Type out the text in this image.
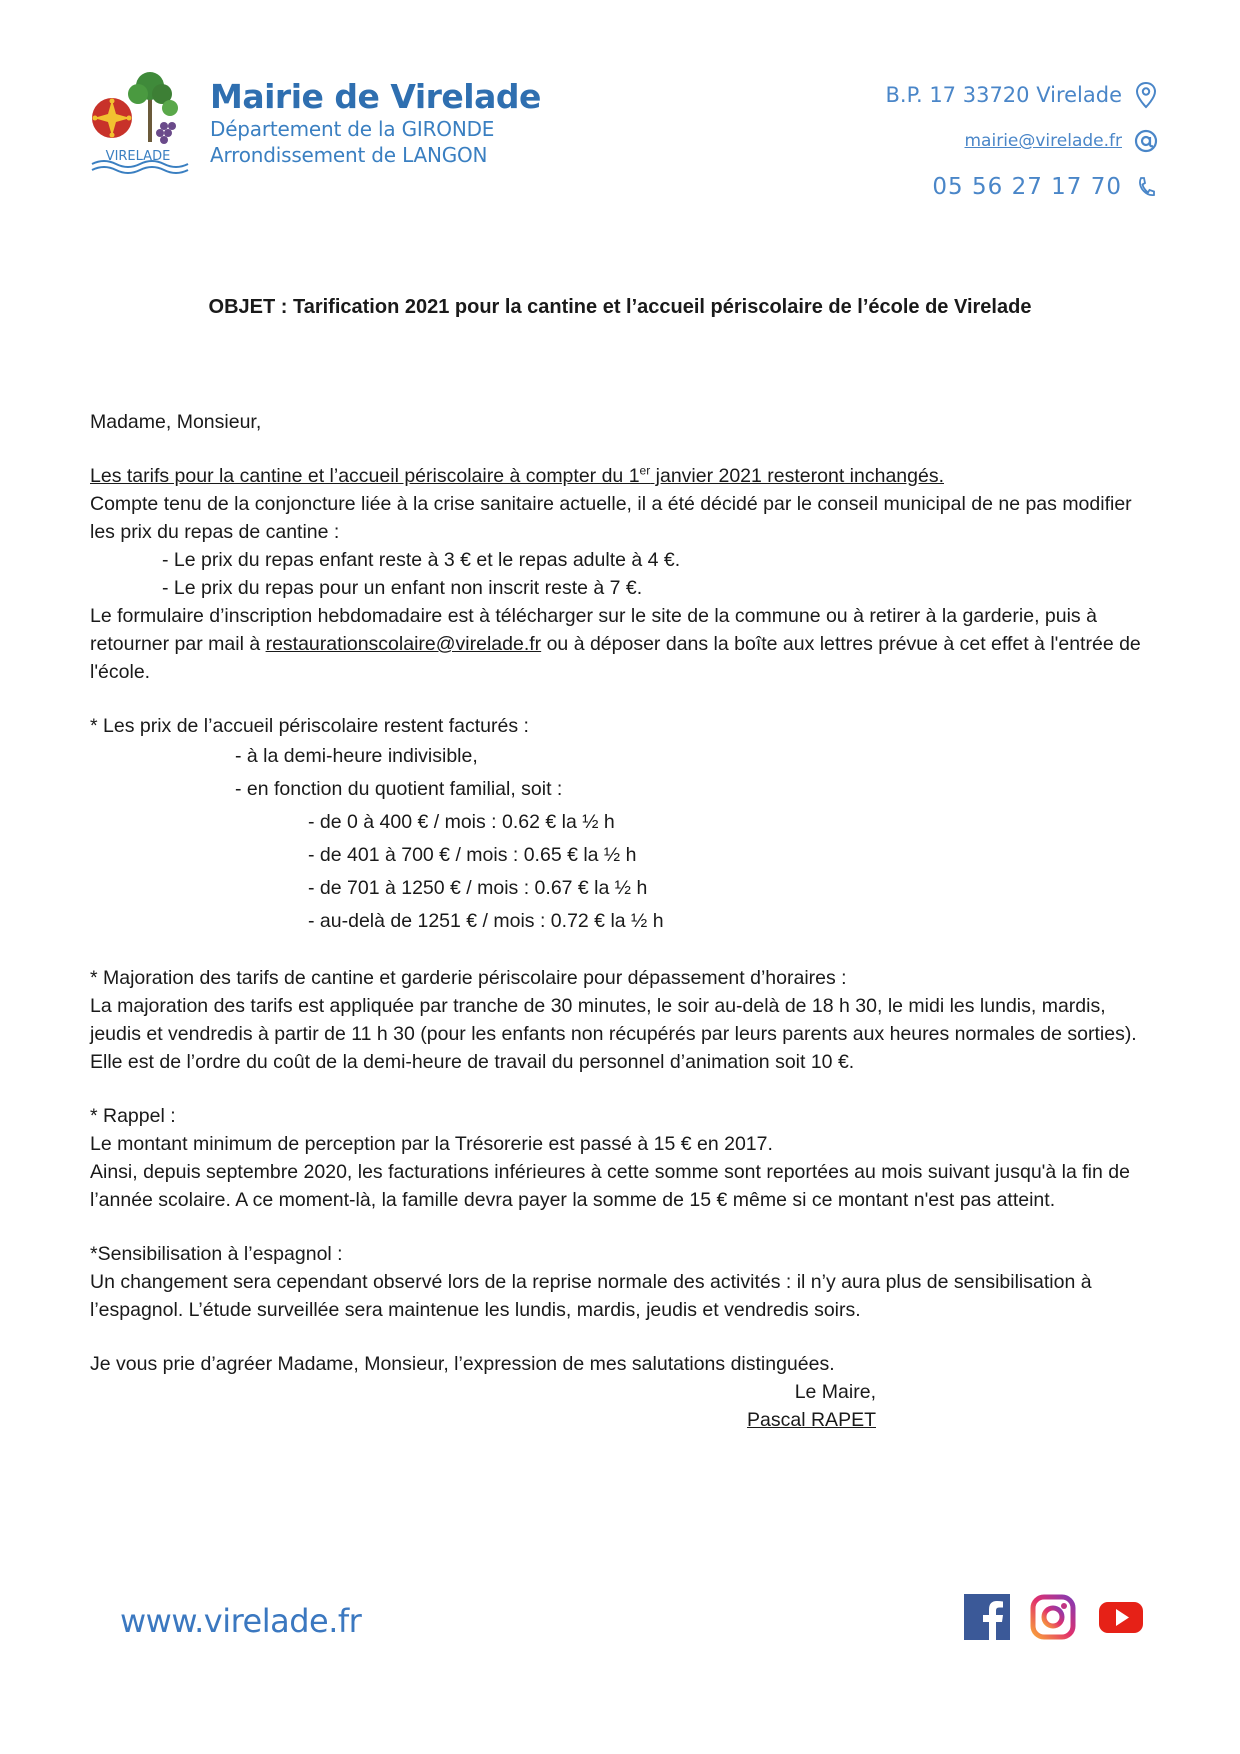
VIRELADE
Mairie de Virelade
Département de la GIRONDE
Arrondissement de LANGON
B.P. 17 33720 Virelade
mairie@virelade.fr
05 56 27 17 70
OBJET : Tarification 2021 pour la cantine et l’accueil périscolaire de l’école de Virelade

Madame, Monsieur,

Les tarifs pour la cantine et l’accueil périscolaire à compter du 1er janvier 2021 resteront inchangés.

Compte tenu de la conjoncture liée à la crise sanitaire actuelle, il a été décidé par le conseil municipal de ne pas modifier les prix du repas de cantine :

- Le prix du repas enfant reste à 3 € et le repas adulte à 4 €.

- Le prix du repas pour un enfant non inscrit reste à 7 €.

Le formulaire d’inscription hebdomadaire est à télécharger sur le site de la commune ou à retirer à la garderie, puis à retourner par mail à restaurationscolaire@virelade.fr ou à déposer dans la boîte aux lettres prévue à cet effet à l'entrée de l'école.

* Les prix de l’accueil périscolaire restent facturés :

- à la demi-heure indivisible,

- en fonction du quotient familial, soit :

- de 0 à 400 € / mois : 0.62 € la ½ h

- de 401 à 700 € / mois : 0.65 € la ½ h

- de 701 à 1250 € / mois : 0.67 € la ½ h

- au-delà de 1251 € / mois : 0.72 € la ½ h

* Majoration des tarifs de cantine et garderie périscolaire pour dépassement d’horaires :

La majoration des tarifs est appliquée par tranche de 30 minutes, le soir au-delà de 18 h 30, le midi les lundis, mardis, jeudis et vendredis à partir de 11 h 30 (pour les enfants non récupérés par leurs parents aux heures normales de sorties). Elle est de l’ordre du coût de la demi-heure de travail du personnel d’animation soit 10 €.

* Rappel :

Le montant minimum de perception par la Trésorerie est passé à 15 € en 2017.

Ainsi, depuis septembre 2020, les facturations inférieures à cette somme sont reportées au mois suivant jusqu'à la fin de l’année scolaire. A ce moment-là, la famille devra payer la somme de 15 € même si ce montant n'est pas atteint.

*Sensibilisation à l’espagnol :

Un changement sera cependant observé lors de la reprise normale des activités : il n’y aura plus de sensibilisation à l’espagnol. L’étude surveillée sera maintenue les lundis, mardis, jeudis et vendredis soirs.

Je vous prie d’agréer Madame, Monsieur, l’expression de mes salutations distinguées.

Le Maire,

Pascal RAPET

www.virelade.fr
